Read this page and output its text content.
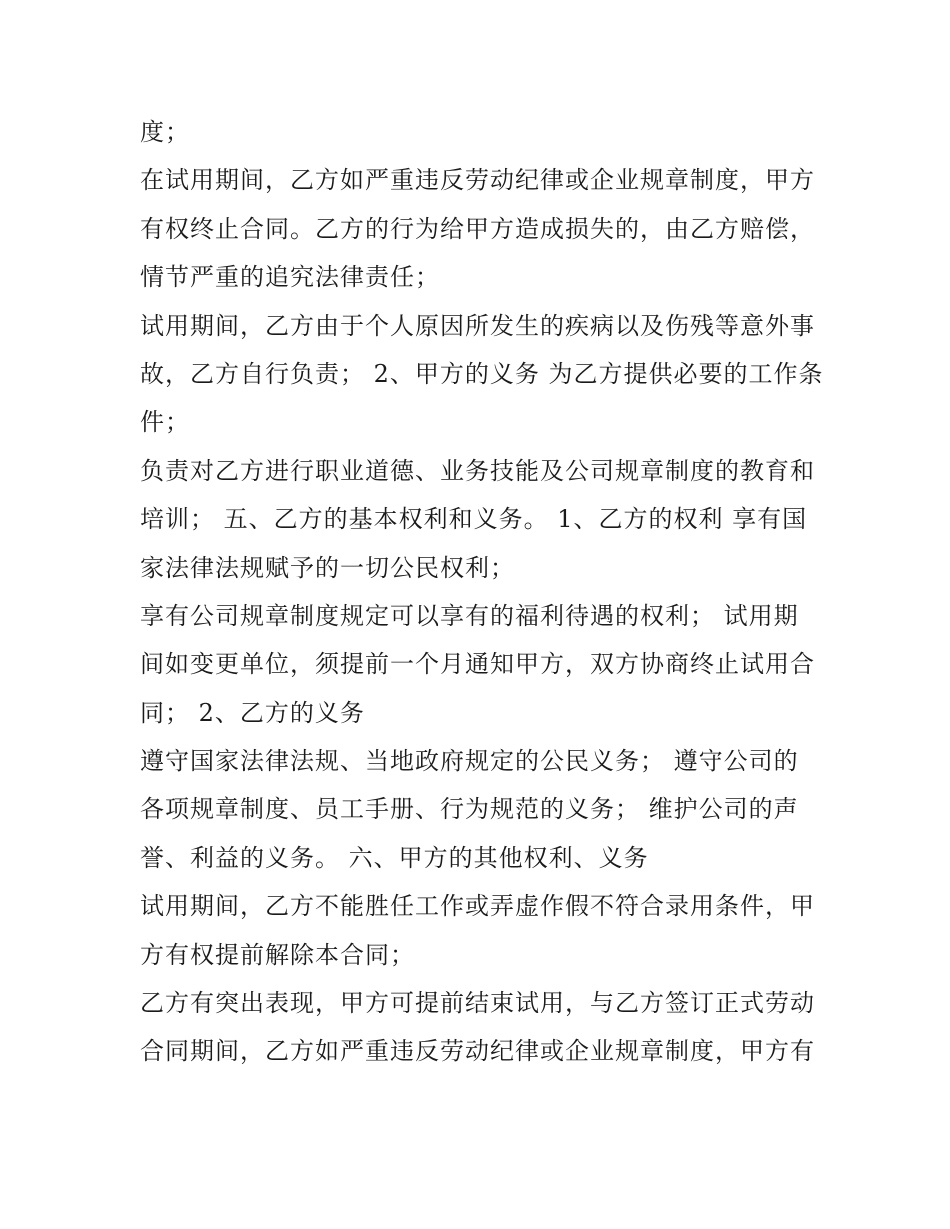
度；
在试用期间，乙方如严重违反劳动纪律或企业规章制度，甲方
有权终止合同。乙方的行为给甲方造成损失的，由乙方赔偿，
情节严重的追究法律责任；
试用期间，乙方由于个人原因所发生的疾病以及伤残等意外事
故，乙方自行负责； 2、甲方的义务 为乙方提供必要的工作条
件；
负责对乙方进行职业道德、业务技能及公司规章制度的教育和
培训； 五、乙方的基本权利和义务。 1、乙方的权利 享有国
家法律法规赋予的一切公民权利；
享有公司规章制度规定可以享有的福利待遇的权利； 试用期
间如变更单位，须提前一个月通知甲方，双方协商终止试用合
同； 2、乙方的义务
遵守国家法律法规、当地政府规定的公民义务； 遵守公司的
各项规章制度、员工手册、行为规范的义务； 维护公司的声
誉、利益的义务。 六、甲方的其他权利、义务
试用期间，乙方不能胜任工作或弄虚作假不符合录用条件，甲
方有权提前解除本合同；
乙方有突出表现，甲方可提前结束试用，与乙方签订正式劳动
合同期间，乙方如严重违反劳动纪律或企业规章制度，甲方有
